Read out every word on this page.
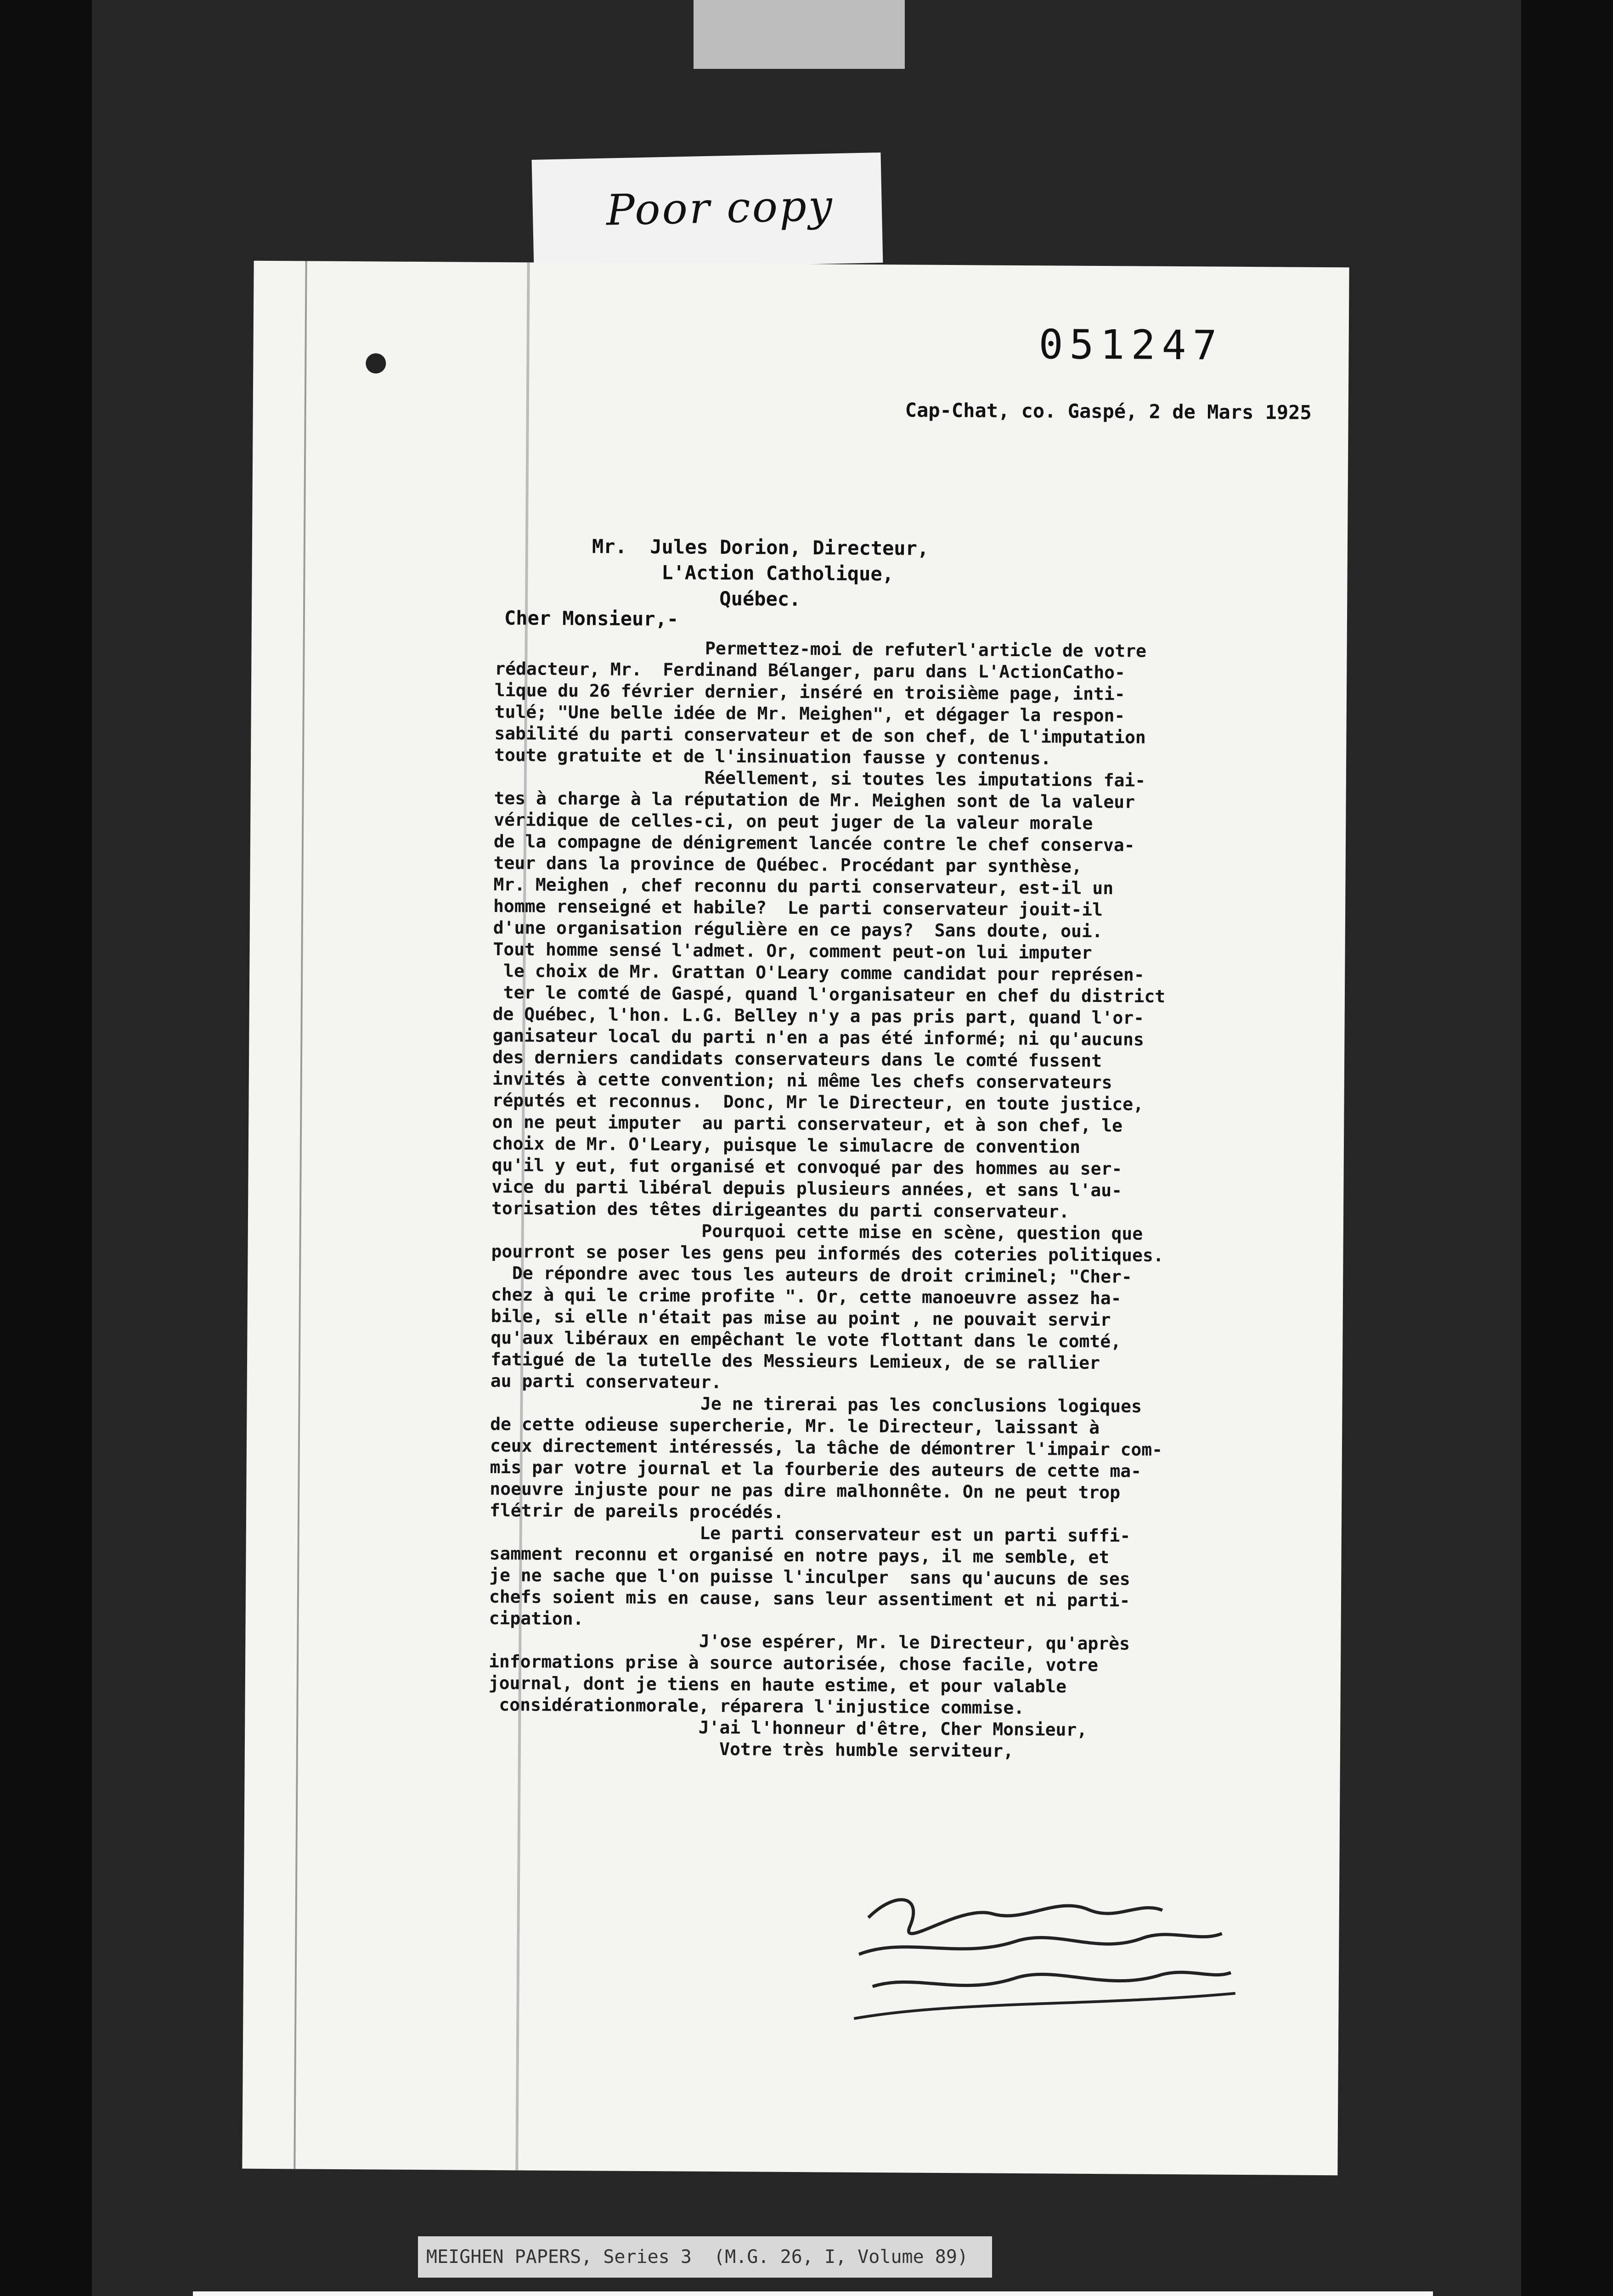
Poor copy
051247
Cap-Chat, co. Gaspé, 2 de Mars 1925
Mr.  Jules Dorion, Directeur,
L'Action Catholique,
Québec.
Cher Monsieur,-
Permettez-moi de refuterl'article de votre
rédacteur, Mr.  Ferdinand Bélanger, paru dans L'ActionCatho-
lique du 26 février dernier, inséré en troisième page, inti-
tulé; "Une belle idée de Mr. Meighen", et dégager la respon-
sabilité du parti conservateur et de son chef, de l'imputation
toute gratuite et de l'insinuation fausse y contenus.
Réellement, si toutes les imputations fai-
tes à charge à la réputation de Mr. Meighen sont de la valeur
véridique de celles-ci, on peut juger de la valeur morale
de la compagne de dénigrement lancée contre le chef conserva-
teur dans la province de Québec. Procédant par synthèse,
Mr. Meighen , chef reconnu du parti conservateur, est-il un
homme renseigné et habile?  Le parti conservateur jouit-il
d'une organisation régulière en ce pays?  Sans doute, oui.
Tout homme sensé l'admet. Or, comment peut-on lui imputer
le choix de Mr. Grattan O'Leary comme candidat pour représen-
ter le comté de Gaspé, quand l'organisateur en chef du district
de Québec, l'hon. L.G. Belley n'y a pas pris part, quand l'or-
ganisateur local du parti n'en a pas été informé; ni qu'aucuns
des derniers candidats conservateurs dans le comté fussent
invités à cette convention; ni même les chefs conservateurs
réputés et reconnus.  Donc, Mr le Directeur, en toute justice,
on ne peut imputer  au parti conservateur, et à son chef, le
choix de Mr. O'Leary, puisque le simulacre de convention
qu'il y eut, fut organisé et convoqué par des hommes au ser-
vice du parti libéral depuis plusieurs années, et sans l'au-
torisation des têtes dirigeantes du parti conservateur.
Pourquoi cette mise en scène, question que
pourront se poser les gens peu informés des coteries politiques.
De répondre avec tous les auteurs de droit criminel; "Cher-
chez à qui le crime profite ". Or, cette manoeuvre assez ha-
bile, si elle n'était pas mise au point , ne pouvait servir
qu'aux libéraux en empêchant le vote flottant dans le comté,
fatigué de la tutelle des Messieurs Lemieux, de se rallier
au parti conservateur.
Je ne tirerai pas les conclusions logiques
de cette odieuse supercherie, Mr. le Directeur, laissant à
ceux directement intéressés, la tâche de démontrer l'impair com-
mis par votre journal et la fourberie des auteurs de cette ma-
noeuvre injuste pour ne pas dire malhonnête. On ne peut trop
flétrir de pareils procédés.
Le parti conservateur est un parti suffi-
samment reconnu et organisé en notre pays, il me semble, et
je ne sache que l'on puisse l'inculper  sans qu'aucuns de ses
chefs soient mis en cause, sans leur assentiment et ni parti-
cipation.
J'ose espérer, Mr. le Directeur, qu'après
informations prise à source autorisée, chose facile, votre
journal, dont je tiens en haute estime, et pour valable
considérationmorale, réparera l'injustice commise.
J'ai l'honneur d'être, Cher Monsieur,
Votre très humble serviteur,
MEIGHEN PAPERS, Series 3  (M.G. 26, I, Volume 89)
